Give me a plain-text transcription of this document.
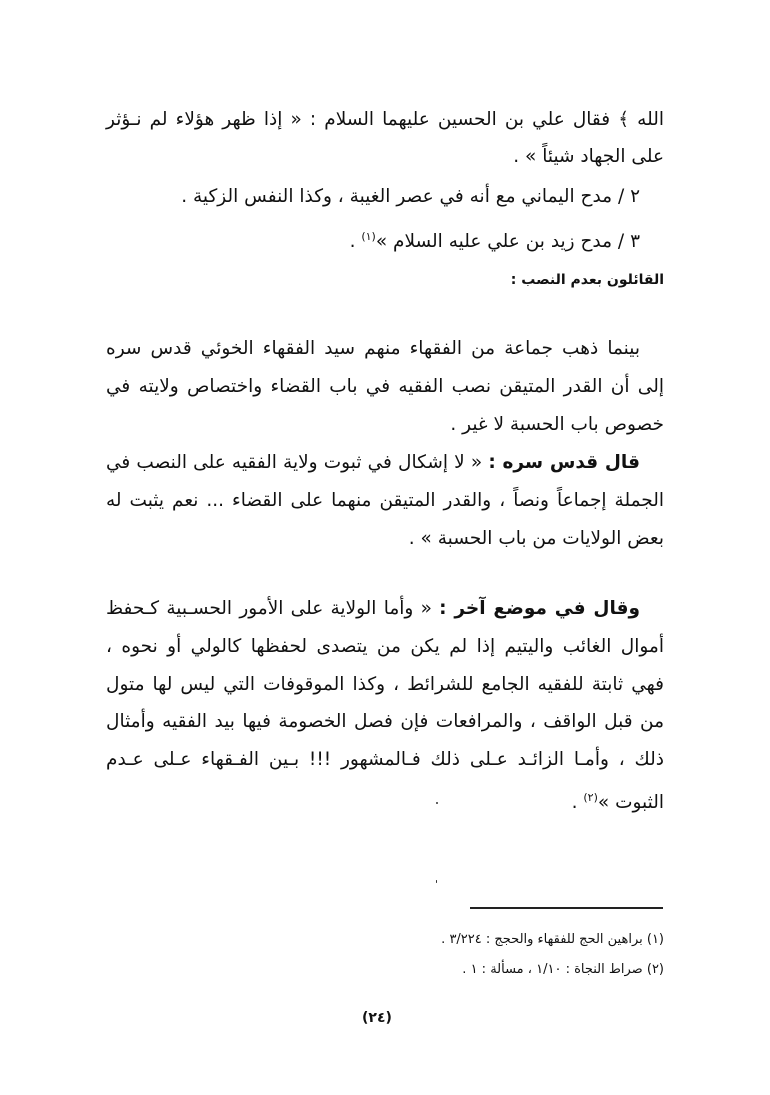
الله ﴾ فقال علي بن الحسين عليهما السلام : « إذا ظهر هؤلاء لم نـؤثر
على الجهاد شيئاً » .
٢ / مدح اليماني مع أنه في عصر الغيبة ، وكذا النفس الزكية .
٣ / مدح زيد بن علي عليه السلام »$^{(١)}$ .
القائلون بعدم النصب :
بينما ذهب جماعة من الفقهاء منهم سيد الفقهاء الخوئي قدس سره
إلى أن القدر المتيقن نصب الفقيه في باب القضاء واختصاص ولايته في
خصوص باب الحسبة لا غير .
قال قدس سره : « لا إشكال في ثبوت ولاية الفقيه على النصب في
الجملة إجماعاً ونصاً ، والقدر المتيقن منهما على القضاء ... نعم يثبت له
بعض الولايات من باب الحسبة » .
وقال في موضع آخر : « وأما الولاية على الأمور الحسـبية كـحفظ
أموال الغائب واليتيم إذا لم يكن من يتصدى لحفظها كالولي أو نحوه ،
فهي ثابتة للفقيه الجامع للشرائط ، وكذا الموقوفات التي ليس لها متول
من قبل الواقف ، والمرافعات فإن فصل الخصومة فيها بيد الفقيه وأمثال
ذلك ، وأمـا الزائـد عـلى ذلك فـالمشهور !!! بـين الفـقهاء عـلى عـدم
الثبوت »$^{(٢)}$ .
(١) براهين الحج للفقهاء والحجج : ٣/٢٢٤ .
(٢) صراط النجاة : ١/١٠ ، مسألة : ١ .
(٢٤)
